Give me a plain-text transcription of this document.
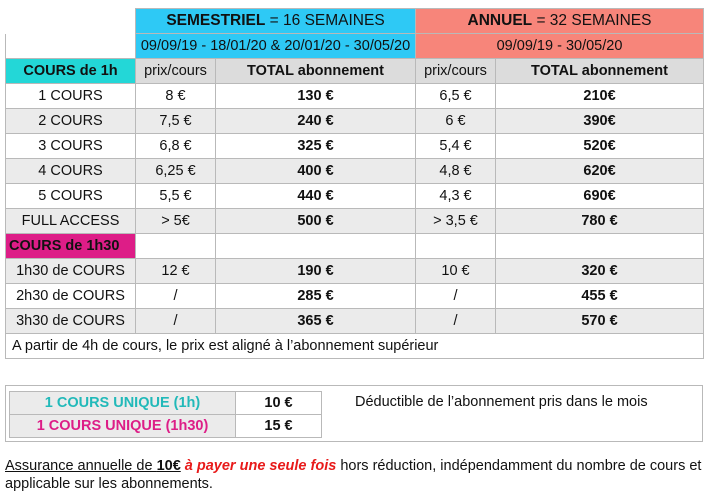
	SEMESTRIEL = 16 SEMAINES		ANNUEL = 32 SEMAINES	
	09/09/19 - 18/01/20 & 20/01/20 - 30/05/20		09/09/19 - 30/05/20	
COURS de 1h	prix/cours	TOTAL abonnement	prix/cours	TOTAL abonnement
1 COURS	8 €	130 €	6,5 €	210€
2 COURS	7,5 €	240 €	6 €	390€
3 COURS	6,8 €	325 €	5,4 €	520€
4 COURS	6,25 €	400 €	4,8 €	620€
5 COURS	5,5 €	440 €	4,3 €	690€
FULL ACCESS	> 5€	500 €	> 3,5 €	780 €
COURS de 1h30				
1h30 de COURS	12 €	190 €	10 €	320 €
2h30 de COURS	/	285 €	/	455 €
3h30 de COURS	/	365 €	/	570 €
A partir de 4h de cours, le prix est aligné à l’abonnement supérieur				
1 COURS UNIQUE (1h)	10 €
1 COURS UNIQUE (1h30)	15 €
Déductible de l’abonnement pris dans le mois
Assurance annuelle de 10€ à payer une seule fois hors réduction, indépendamment du nombre de cours et applicable sur les abonnements.
